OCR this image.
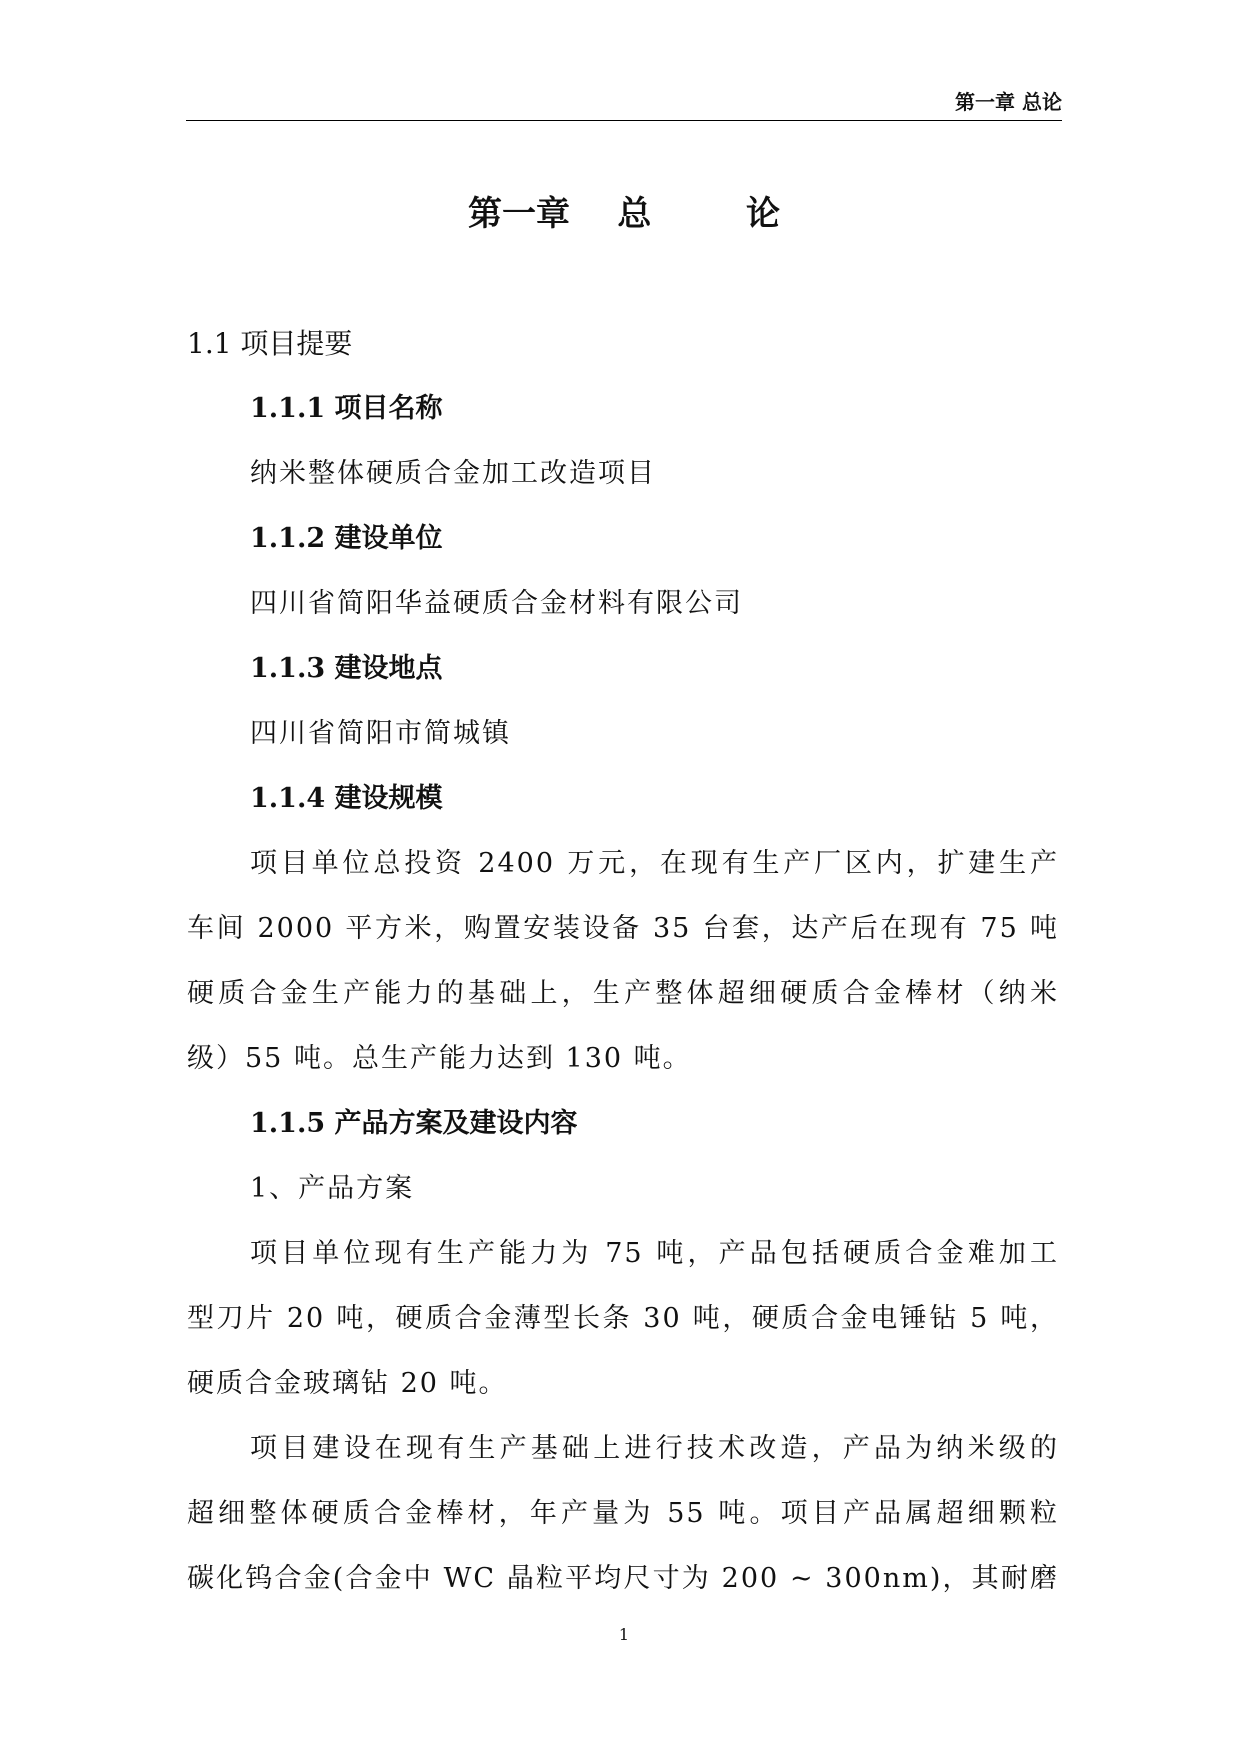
第一章 总论
第一章    总        论
1.1 项目提要
1.1.1 项目名称
纳米整体硬质合金加工改造项目
1.1.2 建设单位
四川省简阳华益硬质合金材料有限公司
1.1.3 建设地点
四川省简阳市简城镇
1.1.4 建设规模
项目单位总投资 2400 万元，在现有生产厂区内，扩建生产
车间 2000 平方米，购置安装设备 35 台套，达产后在现有 75 吨
硬质合金生产能力的基础上，生产整体超细硬质合金棒材（纳米
级）55 吨。总生产能力达到 130 吨。
1.1.5 产品方案及建设内容
1、产品方案
项目单位现有生产能力为 75 吨，产品包括硬质合金难加工
型刀片 20 吨，硬质合金薄型长条 30 吨，硬质合金电锤钻 5 吨，
硬质合金玻璃钻 20 吨。
项目建设在现有生产基础上进行技术改造，产品为纳米级的
超细整体硬质合金棒材，年产量为 55 吨。项目产品属超细颗粒
碳化钨合金(合金中 WC 晶粒平均尺寸为 200 ~ 300nm)，其耐磨
1
